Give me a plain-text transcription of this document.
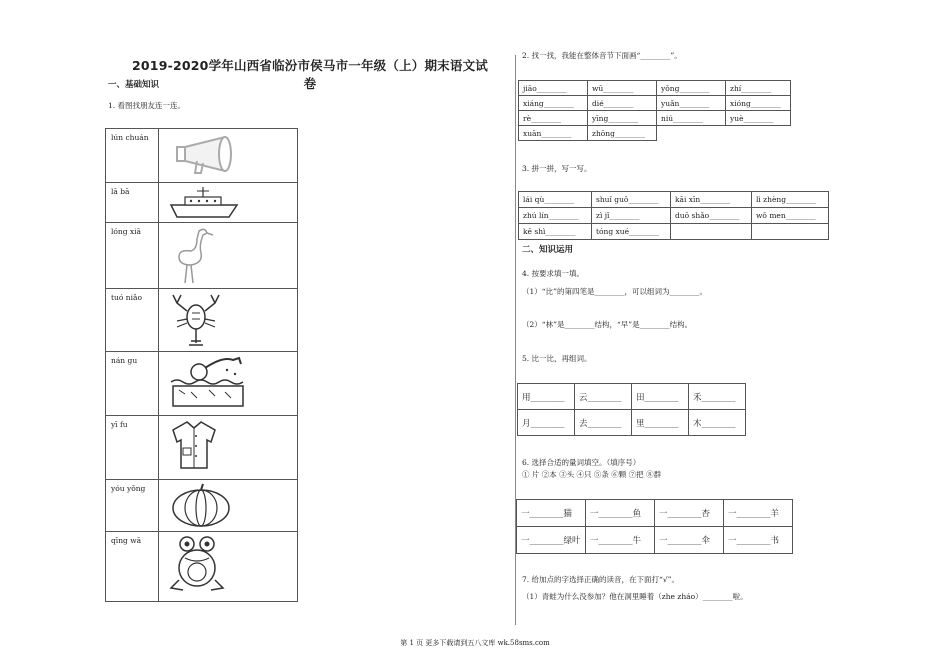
2019-2020学年山西省临汾市侯马市一年级（上）期末语文试卷
一、基础知识
1. 看图找朋友连一连。
lún chuán	

lā bā	

lóng xiā	

tuó niǎo	

nán gu	

yī fu	

yóu yǒng	

qīng wā	
2. 找一找，我能在整体音节下面画“________”。
jiāo________	wū________	yǒng________	zhí________
xiáng________	dié________	yuǎn________	xióng________
rè________	yīng________	niú________	yuè________
xuān________	zhōng________		
3. 拼一拼，写一写。
lái qù________	shuǐ guǒ________	kāi xīn________	lì zhèng________
zhú lín________	zì jǐ________	duō shǎo________	wǒ men________
kě shì________	tóng xué________		
二、知识运用
4. 按要求填一填。
（1）“比”的第四笔是________，可以组词为________。
（2）“林”是________结构，“早”是________结构。
5. 比一比，再组词。
用________	云________	田________	禾________
月________	去________	里________	木________
6. 选择合适的量词填空。（填序号）
① 片 ②本 ③头 ④只 ⑤条 ⑥颗 ⑦把 ⑧群
一________猫	一________鱼	一________杏	一________羊
一________绿叶	一________牛	一________伞	一________书
7. 给加点的字选择正确的读音，在下面打“√”。
（1）青蛙为什么没参加？他在洞里睡着（zhe zháo）________啦。
第 1 页 更多下载请到五八文库 wk.58sms.com
